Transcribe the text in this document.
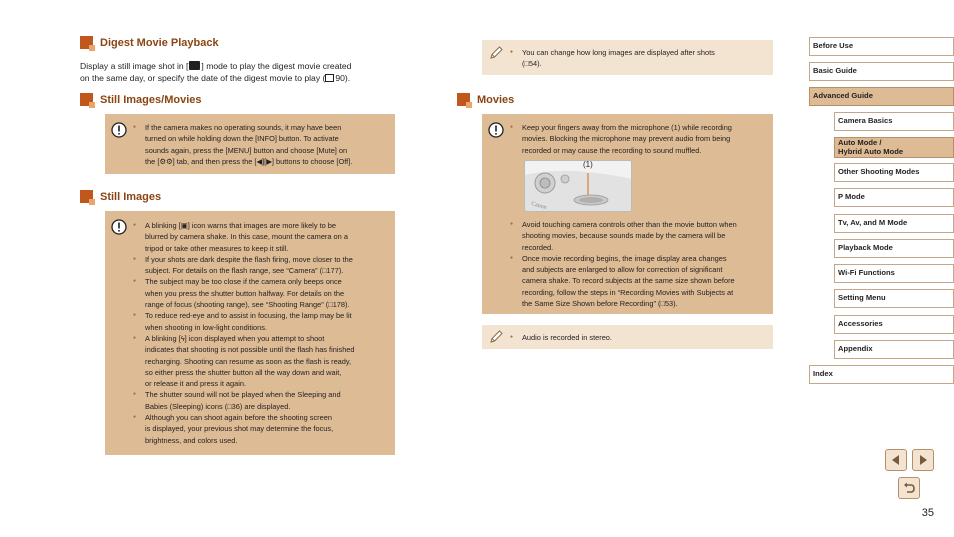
Digest Movie Playback
Display a still image shot in [ ] mode to play the digest movie created
on the same day, or specify the date of the digest movie to play ( 90).
Still Images/Movies
● If the camera makes no operating sounds, it may have been
turned on while holding down the [INFO] button. To activate
sounds again, press the [MENU] button and choose [Mute] on
the [⚙⚙] tab, and then press the [◀][▶] buttons to choose [Off].
Still Images
● A blinking [▣] icon warns that images are more likely to be
blurred by camera shake. In this case, mount the camera on a
tripod or take other measures to keep it still.
● If your shots are dark despite the flash firing, move closer to the
subject. For details on the flash range, see “Camera” (□177).
● The subject may be too close if the camera only beeps once
when you press the shutter button halfway. For details on the
range of focus (shooting range), see “Shooting Range” (□178).
● To reduce red-eye and to assist in focusing, the lamp may be lit
when shooting in low-light conditions.
● A blinking [ϟ] icon displayed when you attempt to shoot
indicates that shooting is not possible until the flash has finished
recharging. Shooting can resume as soon as the flash is ready,
so either press the shutter button all the way down and wait,
or release it and press it again.
● The shutter sound will not be played when the Sleeping and
Babies (Sleeping) icons (□36) are displayed.
● Although you can shoot again before the shooting screen
is displayed, your previous shot may determine the focus,
brightness, and colors used.
● You can change how long images are displayed after shots
(□54).
Movies
● Keep your fingers away from the microphone (1) while recording
movies. Blocking the microphone may prevent audio from being
recorded or may cause the recording to sound muffled.
● Avoid touching camera controls other than the movie button when
shooting movies, because sounds made by the camera will be
recorded.
● Once movie recording begins, the image display area changes
and subjects are enlarged to allow for correction of significant
camera shake. To record subjects at the same size shown before
recording, follow the steps in “Recording Movies with Subjects at
the Same Size Shown before Recording” (□53).
Canon
(1)
● Audio is recorded in stereo.
Before Use
Basic Guide
Advanced Guide
Camera Basics
Auto Mode /
Hybrid Auto Mode
Other Shooting Modes
P Mode
Tv, Av, and M Mode
Playback Mode
Wi-Fi Functions
Setting Menu
Accessories
Appendix
Index
35
